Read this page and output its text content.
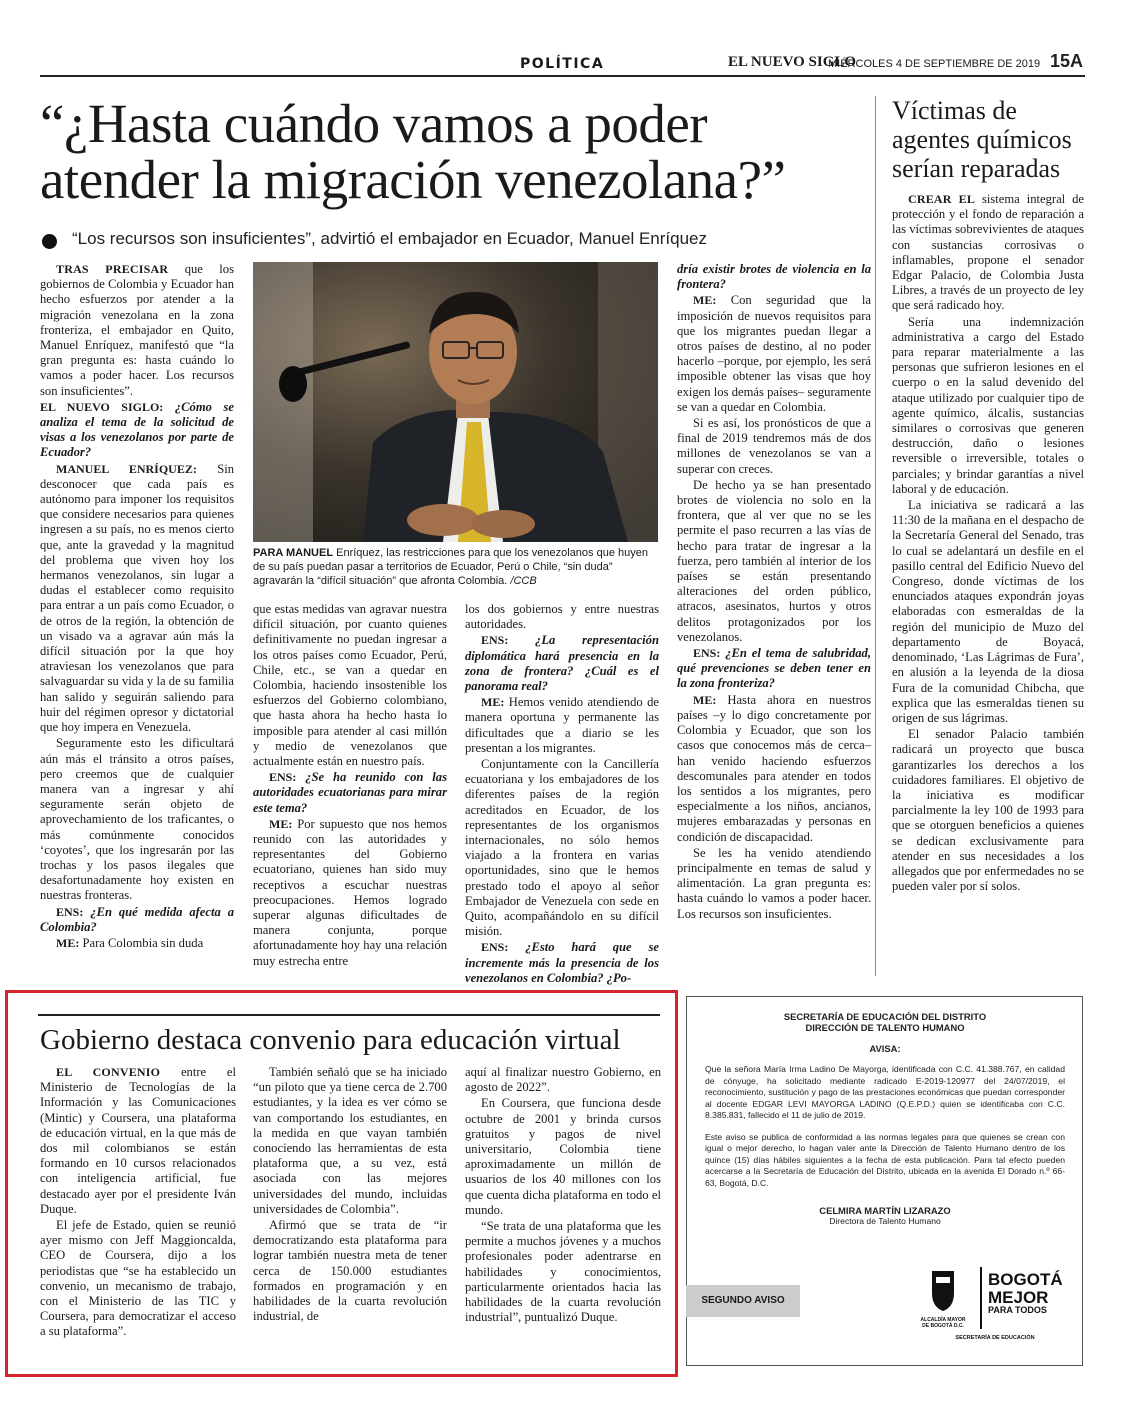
POLÍTICA	EL NUEVO SIGLO
MIÉRCOLES 4 DE SEPTIEMBRE DE 2019 15A
“¿Hasta cuándo vamos a poder
atender la migración venezolana?”
“Los recursos son insuficientes”, advirtió el embajador en Ecuador, Manuel Enríquez

TRAS PRECISAR que los gobiernos de Colombia y Ecuador han hecho esfuerzos por atender a la migración venezolana en la zona fronteriza, el embajador en Quito, Manuel Enríquez, manifestó que “la gran pregunta es: hasta cuándo lo vamos a poder hacer. Los recursos son insuficientes”.

EL NUEVO SIGLO: ¿Cómo se analiza el tema de la solicitud de visas a los venezolanos por parte de Ecuador?

MANUEL ENRÍQUEZ: Sin desconocer que cada país es autónomo para imponer los requisitos que considere necesarios para quienes ingresen a su país, no es menos cierto que, ante la gravedad y la magnitud del problema que viven hoy los hermanos venezolanos, sin lugar a dudas el establecer como requisito para entrar a un país como Ecuador, o de otros de la región, la obtención de un visado va a agravar aún más la difícil situación por la que hoy atraviesan los venezolanos que para salvaguardar su vida y la de su familia han salido y seguirán saliendo para huir del régimen opresor y dictatorial que hoy impera en Venezuela.

Seguramente esto les dificultará aún más el tránsito a otros países, pero creemos que de cualquier manera van a ingresar y ahí seguramente serán objeto de aprovechamiento de los traficantes, o más comúnmente conocidos ‘coyotes’, que los ingresarán por las trochas y los pasos ilegales que desafortunadamente hoy existen en nuestras fronteras.

ENS: ¿En qué medida afecta a Colombia?

ME: Para Colombia sin duda

PARA MANUEL Enríquez, las restricciones para que los venezolanos que huyen de su país puedan pasar a territorios de Ecuador, Perú o Chile, “sin duda” agravarán la “difícil situación” que afronta Colombia. /CCB

que estas medidas van agravar nuestra difícil situación, por cuanto quienes definitivamente no puedan ingresar a los otros países como Ecuador, Perú, Chile, etc., se van a quedar en Colombia, haciendo insostenible los esfuerzos del Gobierno colombiano, que hasta ahora ha hecho hasta lo imposible para atender al casi millón y medio de venezolanos que actualmente están en nuestro país.

ENS: ¿Se ha reunido con las autoridades ecuatorianas para mirar este tema?

ME: Por supuesto que nos hemos reunido con las autoridades y representantes del Gobierno ecuatoriano, quienes han sido muy receptivos a escuchar nuestras preocupaciones. Hemos logrado superar algunas dificultades de manera conjunta, porque afortunadamente hoy hay una relación muy estrecha entre

los dos gobiernos y entre nuestras autoridades.

ENS: ¿La representación diplomática hará presencia en la zona de frontera? ¿Cuál es el panorama real?

ME: Hemos venido atendiendo de manera oportuna y permanente las dificultades que a diario se les presentan a los migrantes.

Conjuntamente con la Cancillería ecuatoriana y los embajadores de los diferentes países de la región acreditados en Ecuador, de los representantes de los organismos internacionales, no sólo hemos viajado a la frontera en varias oportunidades, sino que le hemos prestado todo el apoyo al señor Embajador de Venezuela con sede en Quito, acompañándolo en su difícil misión.

ENS: ¿Esto hará que se incremente más la presencia de los venezolanos en Colombia? ¿Po-

dría existir brotes de violencia en la frontera?

ME: Con seguridad que la imposición de nuevos requisitos para que los migrantes puedan llegar a otros países de destino, al no poder hacerlo –porque, por ejemplo, les será imposible obtener las visas que hoy exigen los demás países– seguramente se van a quedar en Colombia.

Si es así, los pronósticos de que a final de 2019 tendremos más de dos millones de venezolanos se van a superar con creces.

De hecho ya se han presentado brotes de violencia no solo en la frontera, que al ver que no se les permite el paso recurren a las vías de hecho para tratar de ingresar a la fuerza, pero también al interior de los países se están presentando alteraciones del orden público, atracos, asesinatos, hurtos y otros delitos protagonizados por los venezolanos.

ENS: ¿En el tema de salubridad, qué prevenciones se deben tener en la zona fronteriza?

ME: Hasta ahora en nuestros países –y lo digo concretamente por Colombia y Ecuador, que son los casos que conocemos más de cerca– han venido haciendo esfuerzos descomunales para atender en todos los sentidos a los migrantes, pero especialmente a los niños, ancianos, mujeres embarazadas y personas en condición de discapacidad.

Se les ha venido atendiendo principalmente en temas de salud y alimentación. La gran pregunta es: hasta cuándo lo vamos a poder hacer. Los recursos son insuficientes.

Víctimas de agentes químicos serían reparadas

CREAR EL sistema integral de protección y el fondo de reparación a las víctimas sobrevivientes de ataques con sustancias corrosivas o inflamables, propone el senador Edgar Palacio, de Colombia Justa Libres, a través de un proyecto de ley que será radicado hoy.

Sería una indemnización administrativa a cargo del Estado para reparar materialmente a las personas que sufrieron lesiones en el cuerpo o en la salud devenido del ataque utilizado por cualquier tipo de agente químico, álcalis, sustancias similares o corrosivas que generen destrucción, daño o lesiones reversible o irreversible, totales o parciales; y brindar garantías a nivel laboral y de educación.

La iniciativa se radicará a las 11:30 de la mañana en el despacho de la Secretaría General del Senado, tras lo cual se adelantará un desfile en el pasillo central del Edificio Nuevo del Congreso, donde víctimas de los enunciados ataques expondrán joyas elaboradas con esmeraldas de la región del municipio de Muzo del departamento de Boyacá, denominado, ‘Las Lágrimas de Fura’, en alusión a la leyenda de la diosa Fura de la comunidad Chibcha, que explica que las esmeraldas tienen su origen de sus lágrimas.

El senador Palacio también radicará un proyecto que busca garantizarles los derechos a los cuidadores familiares. El objetivo de la iniciativa es modificar parcialmente la ley 100 de 1993 para que se otorguen beneficios a quienes se dedican exclusivamente para atender en sus necesidades a los allegados que por enfermedades no se pueden valer por sí solos.

Gobierno destaca convenio para educación virtual

EL CONVENIO entre el Ministerio de Tecnologías de la Información y las Comunicaciones (Mintic) y Coursera, una plataforma de educación virtual, en la que más de dos mil colombianos se están formando en 10 cursos relacionados con inteligencia artificial, fue destacado ayer por el presidente Iván Duque.

El jefe de Estado, quien se reunió ayer mismo con Jeff Maggioncalda, CEO de Coursera, dijo a los periodistas que “se ha establecido un convenio, un mecanismo de trabajo, con el Ministerio de las TIC y Coursera, para democratizar el acceso a su plataforma”.

También señaló que se ha iniciado “un piloto que ya tiene cerca de 2.700 estudiantes, y la idea es ver cómo se van comportando los estudiantes, en la medida en que vayan también conociendo las herramientas de esta plataforma que, a su vez, está asociada con las mejores universidades del mundo, incluidas universidades de Colombia”.

Afirmó que se trata de “ir democratizando esta plataforma para lograr también nuestra meta de tener cerca de 150.000 estudiantes formados en programación y en habilidades de la cuarta revolución industrial, de

aquí al finalizar nuestro Gobierno, en agosto de 2022”.

En Coursera, que funciona desde octubre de 2001 y brinda cursos gratuitos y pagos de nivel universitario, Colombia tiene aproximadamente un millón de usuarios de los 40 millones con los que cuenta dicha plataforma en todo el mundo.

“Se trata de una plataforma que les permite a muchos jóvenes y a muchos profesionales poder adentrarse en habilidades y conocimientos, particularmente orientados hacia las habilidades de la cuarta revolución industrial”, puntualizó Duque.

SECRETARÍA DE EDUCACIÓN DEL DISTRITO
DIRECCIÓN DE TALENTO HUMANO
AVISA:
Que la señora María Irma Ladino De Mayorga, identificada con C.C. 41.388.767, en calidad de cónyuge, ha solicitado mediante radicado E-2019-120977 del 24/07/2019, el reconocimiento, sustitución y pago de las prestaciones económicas que puedan corresponder al docente EDGAR LEVI MAYORGA LADINO (Q.E.P.D.) quien se identificaba con C.C. 8.385.831, fallecido el 11 de julio de 2019.
Este aviso se publica de conformidad a las normas legales para que quienes se crean con igual o mejor derecho, lo hagan valer ante la Dirección de Talento Humano dentro de los quince (15) días hábiles siguientes a la fecha de esta publicación. Para tal efecto pueden acercarse a la Secretaría de Educación del Distrito, ubicada en la avenida El Dorado n.º 66-63, Bogotá, D.C.
CELMIRA MARTÍN LIZARAZO
Directora de Talento Humano
SEGUNDO AVISO
ALCALDÍA MAYOR
DE BOGOTÁ D.C.
BOGOTÁ
MEJOR
PARA TODOS
SECRETARÍA DE EDUCACIÓN
